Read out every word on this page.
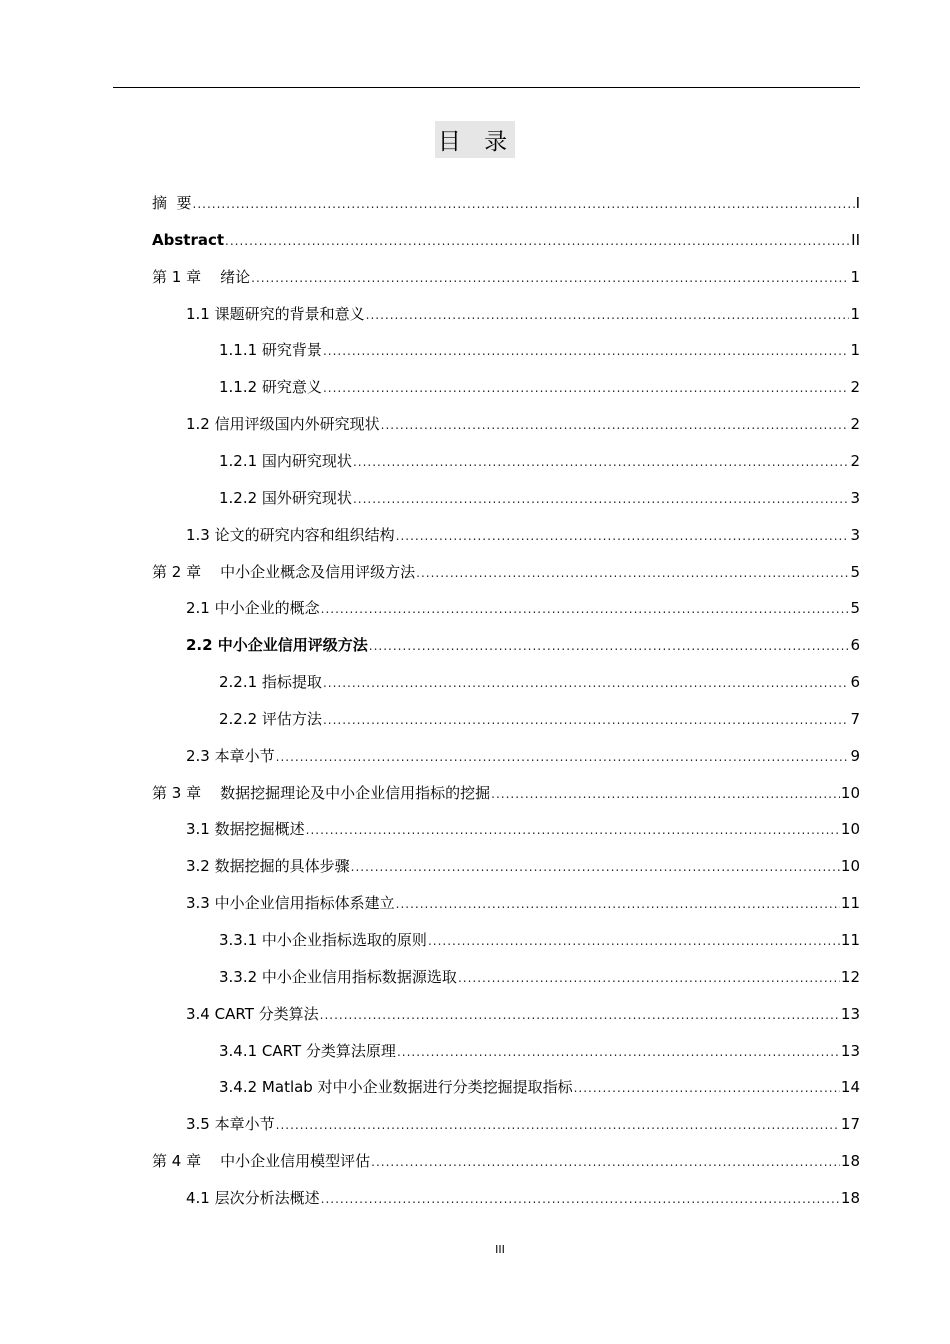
目 录
摘  要 .....	I
Abstract .....	II
第 1 章    绪论 .....	1
1.1 课题研究的背景和意义 .....	1
1.1.1 研究背景 .....	1
1.1.2 研究意义 .....	2
1.2 信用评级国内外研究现状 .....	2
1.2.1 国内研究现状 .....	2
1.2.2 国外研究现状 .....	3
1.3 论文的研究内容和组织结构 .....	3
第 2 章    中小企业概念及信用评级方法 .....	5
2.1 中小企业的概念 .....	5
2.2 中小企业信用评级方法 .....	6
2.2.1 指标提取 .....	6
2.2.2 评估方法 .....	7
2.3 本章小节 .....	9
第 3 章    数据挖掘理论及中小企业信用指标的挖掘 .....	10
3.1 数据挖掘概述 .....	10
3.2 数据挖掘的具体步骤 .....	10
3.3 中小企业信用指标体系建立 .....	11
3.3.1 中小企业指标选取的原则 .....	11
3.3.2 中小企业信用指标数据源选取 .....	12
3.4 CART 分类算法 .....	13
3.4.1 CART 分类算法原理 .....	13
3.4.2 Matlab 对中小企业数据进行分类挖掘提取指标 .....	14
3.5 本章小节 .....	17
第 4 章    中小企业信用模型评估 .....	18
4.1 层次分析法概述 .....	18
III
